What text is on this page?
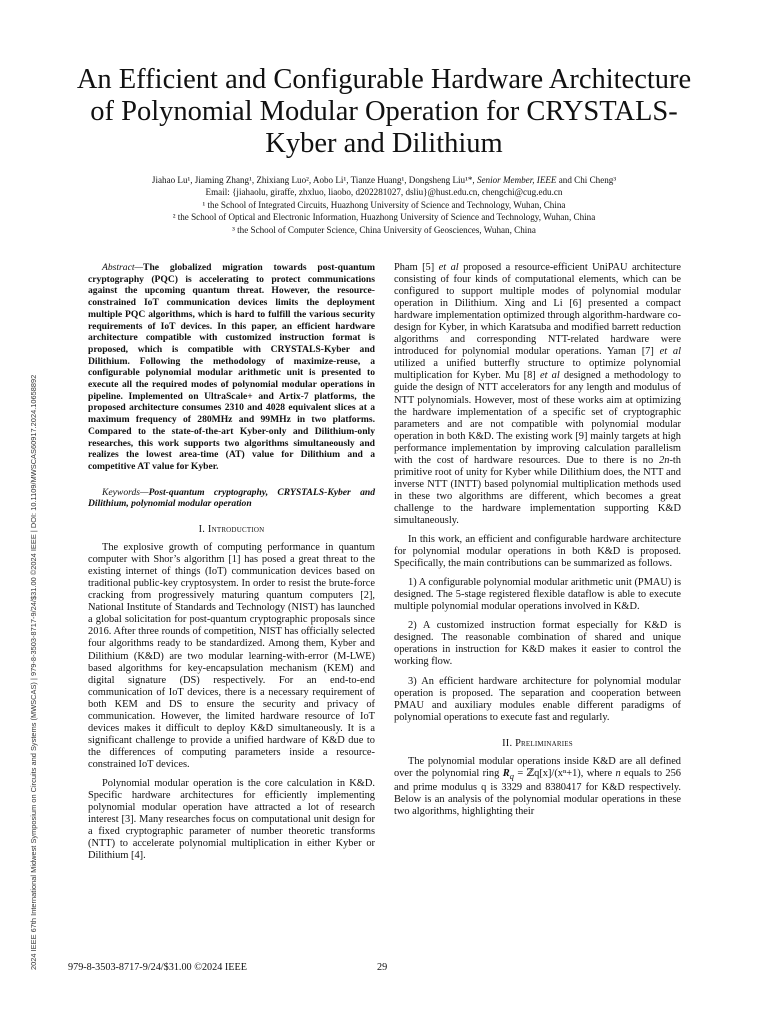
2024 IEEE 67th International Midwest Symposium on Circuits and Systems (MWSCAS) | 979-8-3503-8717-9/24/$31.00 ©2024 IEEE | DOI: 10.1109/MWSCAS60917.2024.10658892
An Efficient and Configurable Hardware Architecture of Polynomial Modular Operation for CRYSTALS-Kyber and Dilithium

Jiahao Lu¹, Jiaming Zhang¹, Zhixiang Luo², Aobo Li¹, Tianze Huang¹, Dongsheng Liu¹*, Senior Member, IEEE and Chi Cheng³

Email: {jiahaolu, giraffe, zhxluo, liaobo, d202281027, dsliu}@hust.edu.cn, chengchi@cug.edu.cn

¹ the School of Integrated Circuits, Huazhong University of Science and Technology, Wuhan, China

² the School of Optical and Electronic Information, Huazhong University of Science and Technology, Wuhan, China

³ the School of Computer Science, China University of Geosciences, Wuhan, China

Abstract—The globalized migration towards post-quantum cryptography (PQC) is accelerating to protect communications against the upcoming quantum threat. However, the resource-constrained IoT communication devices limits the deployment multiple PQC algorithms, which is hard to fulfill the various security requirements of IoT devices. In this paper, an efficient hardware architecture compatible with customized instruction format is proposed, which is compatible with CRYSTALS-Kyber and Dilithium. Following the methodology of maximize-reuse, a configurable polynomial modular arithmetic unit is presented to execute all the required modes of polynomial modular operations in pipeline. Implemented on UltraScale+ and Artix-7 platforms, the proposed architecture consumes 2310 and 4028 equivalent slices at a maximum frequency of 280MHz and 99MHz in two platforms. Compared to the state-of-the-art Kyber-only and Dilithium-only researches, this work supports two algorithms simultaneously and realizes the lowest area-time (AT) value for Dilithium and a competitive AT value for Kyber.

Keywords—Post-quantum cryptography, CRYSTALS-Kyber and Dilithium, polynomial modular operation

I. Introduction

The explosive growth of computing performance in quantum computer with Shor’s algorithm [1] has posed a great threat to the existing internet of things (IoT) communication devices based on traditional public-key cryptosystem. In order to resist the brute-force cracking from progressively maturing quantum computers [2], National Institute of Standards and Technology (NIST) has launched a global solicitation for post-quantum cryptographic proposals since 2016. After three rounds of competition, NIST has officially selected four algorithms ready to be standardized. Among them, Kyber and Dilithium (K&D) are two modular learning-with-error (M-LWE) based algorithms for key-encapsulation mechanism (KEM) and digital signature (DS) respectively. For an end-to-end communication of IoT devices, there is a necessary requirement of both KEM and DS to ensure the security and privacy of communication. However, the limited hardware resource of IoT devices makes it difficult to deploy K&D simultaneously. It is a significant challenge to provide a unified hardware of K&D due to the differences of computing parameters inside a resource-constrained IoT devices.

Polynomial modular operation is the core calculation in K&D. Specific hardware architectures for efficiently implementing polynomial modular operation have attracted a lot of research interest [3]. Many researches focus on computational unit design for a fixed cryptographic parameter of number theoretic transforms (NTT) to accelerate polynomial multiplication in either Kyber or Dilithium [4].

Pham [5] et al proposed a resource-efficient UniPAU architecture consisting of four kinds of computational elements, which can be configured to support multiple modes of polynomial modular operation in Dilithium. Xing and Li [6] presented a compact hardware implementation optimized through algorithm-hardware co-design for Kyber, in which Karatsuba and modified barrett reduction algorithms and corresponding NTT-related hardware were introduced for polynomial modular operations. Yaman [7] et al utilized a unified butterfly structure to optimize polynomial multiplication for Kyber. Mu [8] et al designed a methodology to guide the design of NTT accelerators for any length and modulus of NTT polynomials. However, most of these works aim at optimizing the hardware implementation of a specific set of cryptographic parameters and are not compatible with polynomial modular operation in both K&D. The existing work [9] mainly targets at high performance implementation by improving calculation parallelism with the cost of hardware resources. Due to there is no 2n-th primitive root of unity for Kyber while Dilithium does, the NTT and inverse NTT (INTT) based polynomial multiplication methods used in these two algorithms are different, which becomes a great challenge to the hardware implementation supporting K&D simultaneously.

In this work, an efficient and configurable hardware architecture for polynomial modular operations in both K&D is proposed. Specifically, the main contributions can be summarized as follows.

1) A configurable polynomial modular arithmetic unit (PMAU) is designed. The 5-stage registered flexible dataflow is able to execute multiple polynomial modular operations involved in K&D.

2) A customized instruction format especially for K&D is designed. The reasonable combination of shared and unique operations in instruction for K&D makes it easier to control the working flow.

3) An efficient hardware architecture for polynomial modular operation is proposed. The separation and cooperation between PMAU and auxiliary modules enable different paradigms of polynomial operations to execute fast and regularly.

II. Preliminaries

The polynomial modular operations inside K&D are all defined over the polynomial ring $R_q$ = ℤq[x]/(xⁿ+1), where n equals to 256 and prime modulus q is 3329 and 8380417 for K&D respectively. Below is an analysis of the polynomial modular operations in these two algorithms, highlighting their

979-8-3503-8717-9/24/$31.00 ©2024 IEEE	29
